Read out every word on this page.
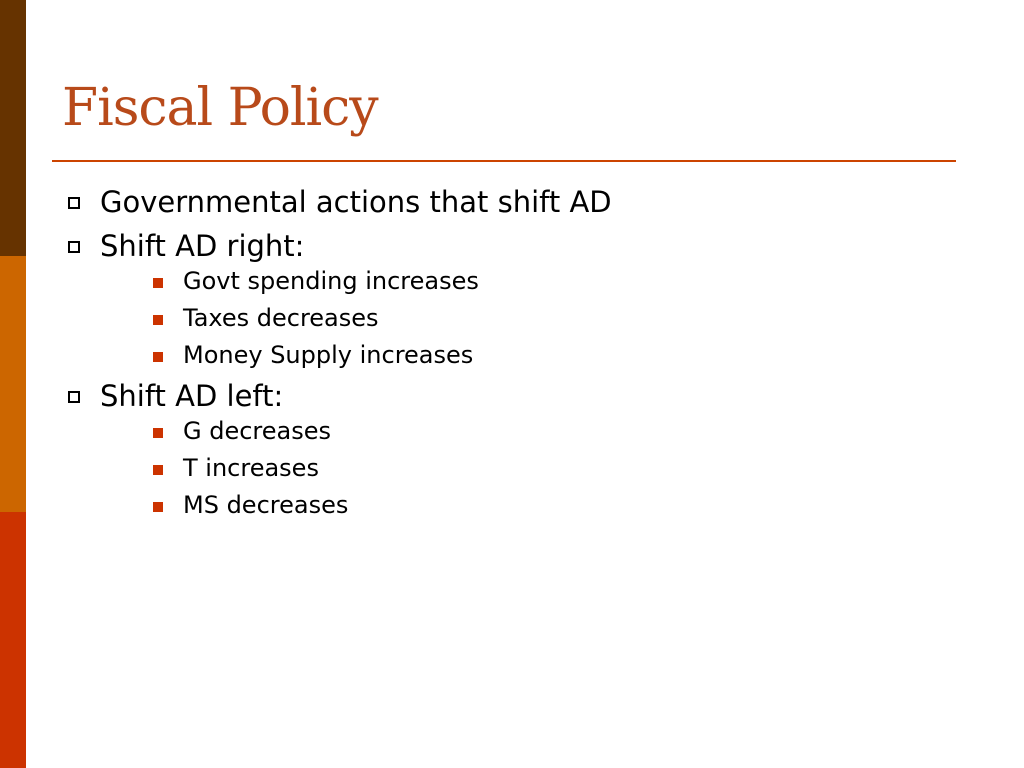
Fiscal Policy
Governmental actions that shift AD
Shift AD right:
Govt spending increases
Taxes decreases
Money Supply increases
Shift AD left:
G decreases
T increases
MS decreases
